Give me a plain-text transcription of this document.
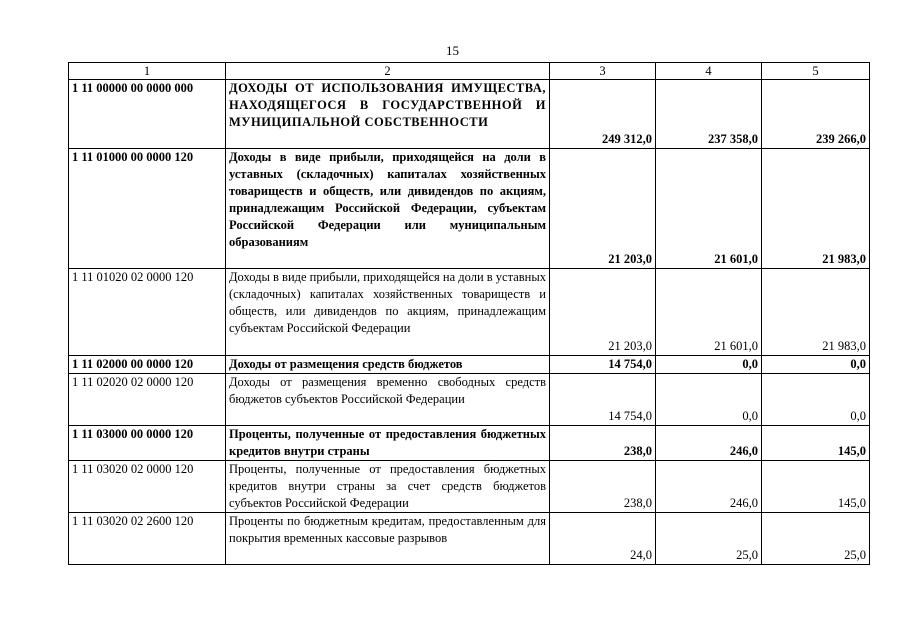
15
1	2	3	4	5
1 11 00000 00 0000 000	ДОХОДЫ ОТ ИСПОЛЬЗОВАНИЯ ИМУЩЕСТВА, НАХОДЯЩЕГОСЯ В ГОСУДАРСТВЕННОЙ И МУНИЦИПАЛЬНОЙ СОБСТВЕННОСТИ	249 312,0	237 358,0	239 266,0
1 11 01000 00 0000 120	Доходы в виде прибыли, приходящейся на доли в уставных (складочных) капиталах хозяйственных товариществ и обществ, или дивидендов по акциям, принадлежащим Российской Федерации, субъектам Российской Федерации или муниципальным образованиям	21 203,0	21 601,0	21 983,0
1 11 01020 02 0000 120	Доходы в виде прибыли, приходящейся на доли в уставных (складочных) капиталах хозяйственных товариществ и обществ, или дивидендов по акциям, принадлежащим субъектам Российской Федерации	21 203,0	21 601,0	21 983,0
1 11 02000 00 0000 120	Доходы от размещения средств бюджетов	14 754,0	0,0	0,0
1 11 02020 02 0000 120	Доходы от размещения временно свободных средств бюджетов субъектов Российской Федерации	14 754,0	0,0	0,0
1 11 03000 00 0000 120	Проценты, полученные от предоставления бюджетных кредитов внутри страны	238,0	246,0	145,0
1 11 03020 02 0000 120	Проценты, полученные от предоставления бюджетных кредитов внутри страны за счет средств бюджетов субъектов Российской Федерации	238,0	246,0	145,0
1 11 03020 02 2600 120	Проценты по бюджетным кредитам, предоставленным для покрытия временных кассовые разрывов	24,0	25,0	25,0
